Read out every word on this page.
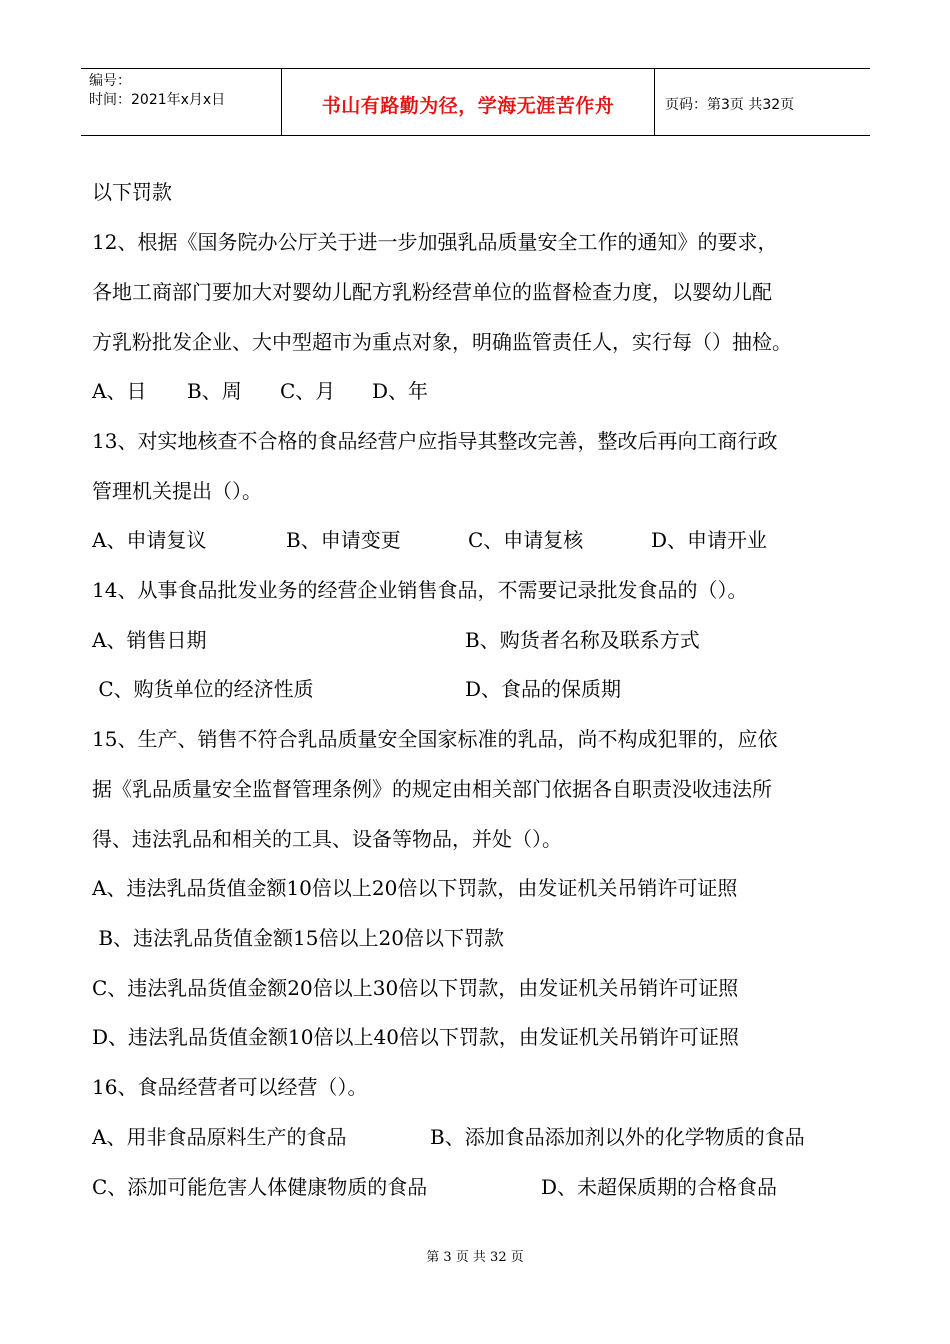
编号：
时间：2021年x月x日	书山有路勤为径，学海无涯苦作舟	页码：第3页 共32页
以下罚款
12、根据《国务院办公厅关于进一步加强乳品质量安全工作的通知》的要求，
各地工商部门要加大对婴幼儿配方乳粉经营单位的监督检查力度，以婴幼儿配
方乳粉批发企业、大中型超市为重点对象，明确监管责任人，实行每（）抽检。
A、日 B、周 C、月 D、年
13、对实地核查不合格的食品经营户应指导其整改完善，整改后再向工商行政
管理机关提出（）。
A、申请复议	B、申请变更	C、申请复核	D、申请开业
14、从事食品批发业务的经营企业销售食品，不需要记录批发食品的（）。
A、销售日期	B、购货者名称及联系方式
C、购货单位的经济性质	D、食品的保质期
15、生产、销售不符合乳品质量安全国家标准的乳品，尚不构成犯罪的，应依
据《乳品质量安全监督管理条例》的规定由相关部门依据各自职责没收违法所
得、违法乳品和相关的工具、设备等物品，并处（）。
A、违法乳品货值金额10倍以上20倍以下罚款，由发证机关吊销许可证照
B、违法乳品货值金额15倍以上20倍以下罚款
C、违法乳品货值金额20倍以上30倍以下罚款，由发证机关吊销许可证照
D、违法乳品货值金额10倍以上40倍以下罚款，由发证机关吊销许可证照
16、食品经营者可以经营（）。
A、用非食品原料生产的食品	B、添加食品添加剂以外的化学物质的食品
C、添加可能危害人体健康物质的食品	D、未超保质期的合格食品
第 3 页 共 32 页
